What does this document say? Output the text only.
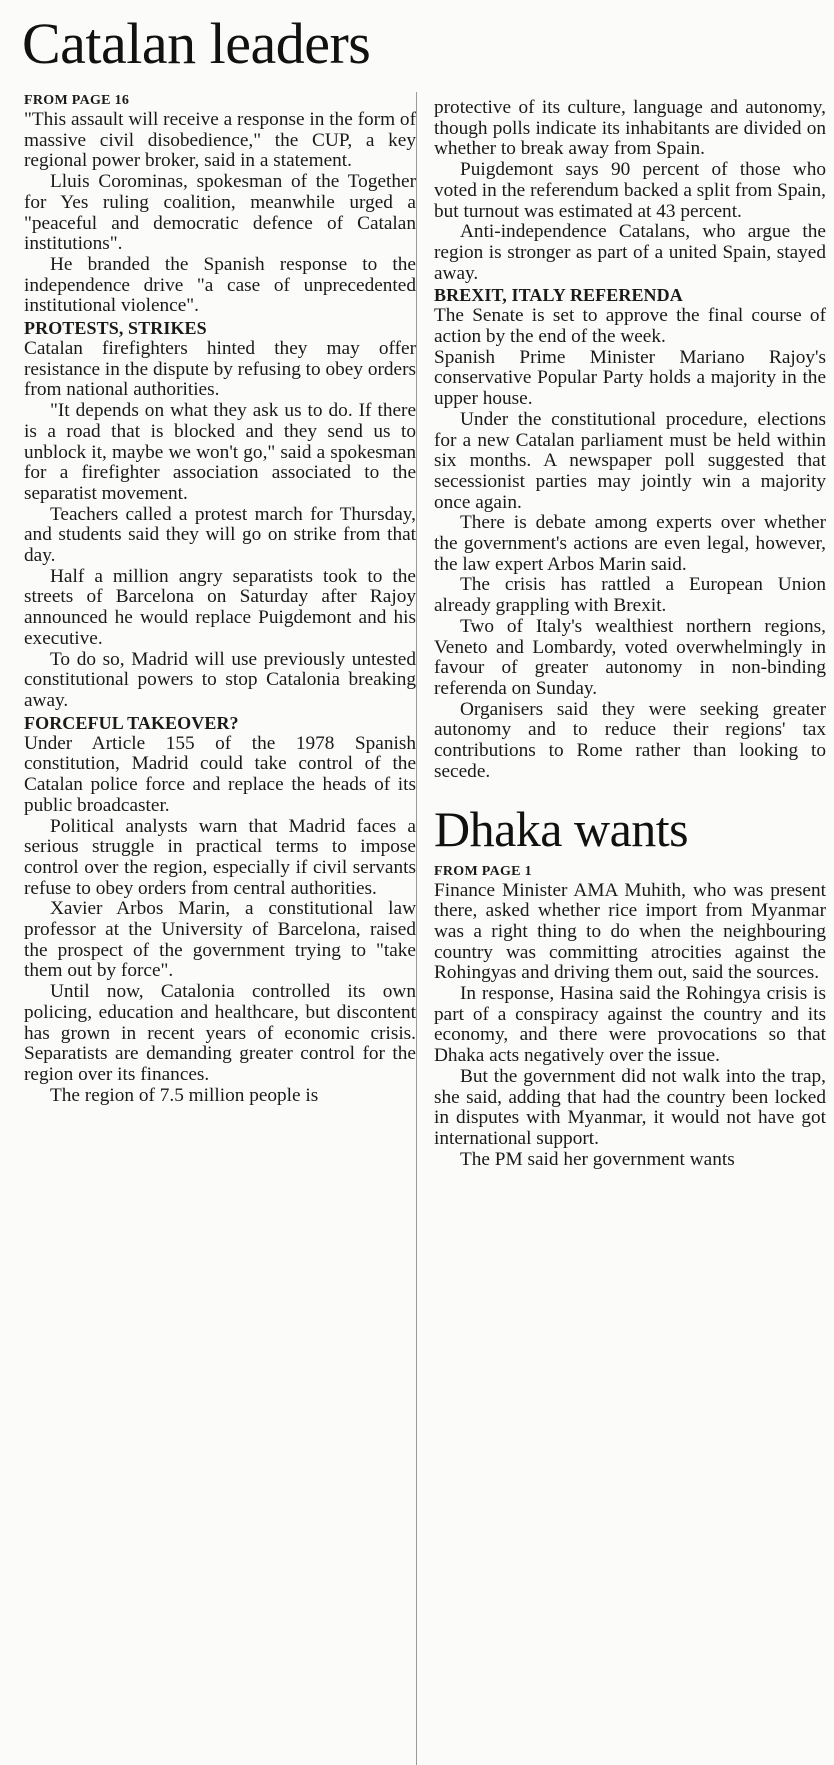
Catalan leaders
FROM PAGE 16

"This assault will receive a response in the form of massive civil disobedience," the CUP, a key regional power broker, said in a statement.

Lluis Corominas, spokesman of the Together for Yes ruling coalition, meanwhile urged a "peaceful and democratic defence of Catalan institutions".

He branded the Spanish response to the independence drive "a case of unprecedented institutional violence".

PROTESTS, STRIKES

Catalan firefighters hinted they may offer resistance in the dispute by refusing to obey orders from national authorities.

"It depends on what they ask us to do. If there is a road that is blocked and they send us to unblock it, maybe we won't go," said a spokesman for a firefighter association associated to the separatist movement.

Teachers called a protest march for Thursday, and students said they will go on strike from that day.

Half a million angry separatists took to the streets of Barcelona on Saturday after Rajoy announced he would replace Puigdemont and his executive.

To do so, Madrid will use previously untested constitutional powers to stop Catalonia breaking away.

FORCEFUL TAKEOVER?

Under Article 155 of the 1978 Spanish constitution, Madrid could take control of the Catalan police force and replace the heads of its public broadcaster.

Political analysts warn that Madrid faces a serious struggle in practical terms to impose control over the region, especially if civil servants refuse to obey orders from central authorities.

Xavier Arbos Marin, a constitutional law professor at the University of Barcelona, raised the prospect of the government trying to "take them out by force".

Until now, Catalonia controlled its own policing, education and healthcare, but discontent has grown in recent years of economic crisis. Separatists are demanding greater control for the region over its finances.

The region of 7.5 million people is

protective of its culture, language and autonomy, though polls indicate its inhabitants are divided on whether to break away from Spain.

Puigdemont says 90 percent of those who voted in the referendum backed a split from Spain, but turnout was estimated at 43 percent.

Anti-independence Catalans, who argue the region is stronger as part of a united Spain, stayed away.

BREXIT, ITALY REFERENDA

The Senate is set to approve the final course of action by the end of the week.

Spanish Prime Minister Mariano Rajoy's conservative Popular Party holds a majority in the upper house.

Under the constitutional procedure, elections for a new Catalan parliament must be held within six months. A newspaper poll suggested that secessionist parties may jointly win a majority once again.

There is debate among experts over whether the government's actions are even legal, however, the law expert Arbos Marin said.

The crisis has rattled a European Union already grappling with Brexit.

Two of Italy's wealthiest northern regions, Veneto and Lombardy, voted overwhelmingly in favour of greater autonomy in non-binding referenda on Sunday.

Organisers said they were seeking greater autonomy and to reduce their regions' tax contributions to Rome rather than looking to secede.

Dhaka wants
FROM PAGE 1

Finance Minister AMA Muhith, who was present there, asked whether rice import from Myanmar was a right thing to do when the neighbouring country was committing atrocities against the Rohingyas and driving them out, said the sources.

In response, Hasina said the Rohingya crisis is part of a conspiracy against the country and its economy, and there were provocations so that Dhaka acts negatively over the issue.

But the government did not walk into the trap, she said, adding that had the country been locked in disputes with Myanmar, it would not have got international support.

The PM said her government wants
